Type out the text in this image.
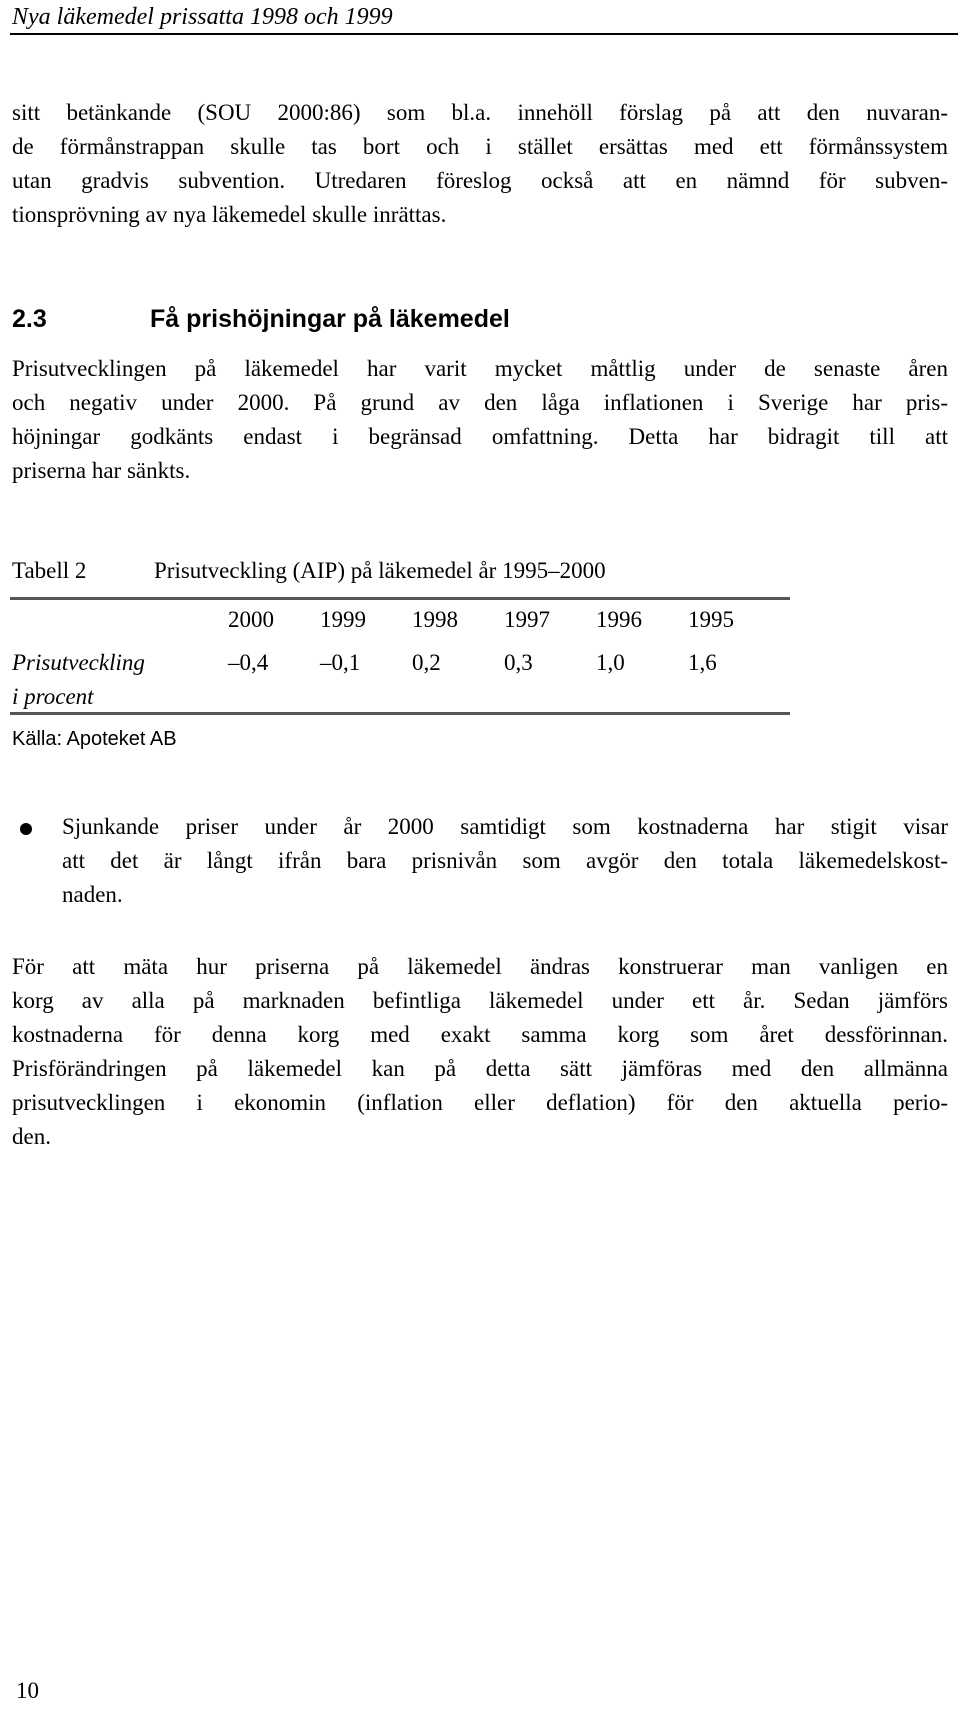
Nya läkemedel prissatta 1998 och 1999
sitt betänkande (SOU 2000:86) som bl.a. innehöll förslag på att den nuvaran-
de förmånstrappan skulle tas bort och i stället ersättas med ett förmånssystem
utan gradvis subvention. Utredaren föreslog också att en nämnd för subven-
tionsprövning av nya läkemedel skulle inrättas.
2.3	Få prishöjningar på läkemedel
Prisutvecklingen på läkemedel har varit mycket måttlig under de senaste åren
och negativ under 2000. På grund av den låga inflationen i Sverige har pris-
höjningar godkänts endast i begränsad omfattning. Detta har bidragit till att
priserna har sänkts.
Tabell 2	Prisutveckling (AIP) på läkemedel år 1995–2000
2000 1999 1998 1997 1996 1995
Prisutveckling
i procent
–0,4 –0,1 0,2	0,3	1,0	1,6
Källa: Apoteket AB
Sjunkande priser under år 2000 samtidigt som kostnaderna har stigit visar
att det är långt ifrån bara prisnivån som avgör den totala läkemedelskost-
naden.
För att mäta hur priserna på läkemedel ändras konstruerar man vanligen en
korg av alla på marknaden befintliga läkemedel under ett år. Sedan jämförs
kostnaderna för denna korg med exakt samma korg som året dessförinnan.
Prisförändringen på läkemedel kan på detta sätt jämföras med den allmänna
prisutvecklingen i ekonomin (inflation eller deflation) för den aktuella perio-
den.
10
